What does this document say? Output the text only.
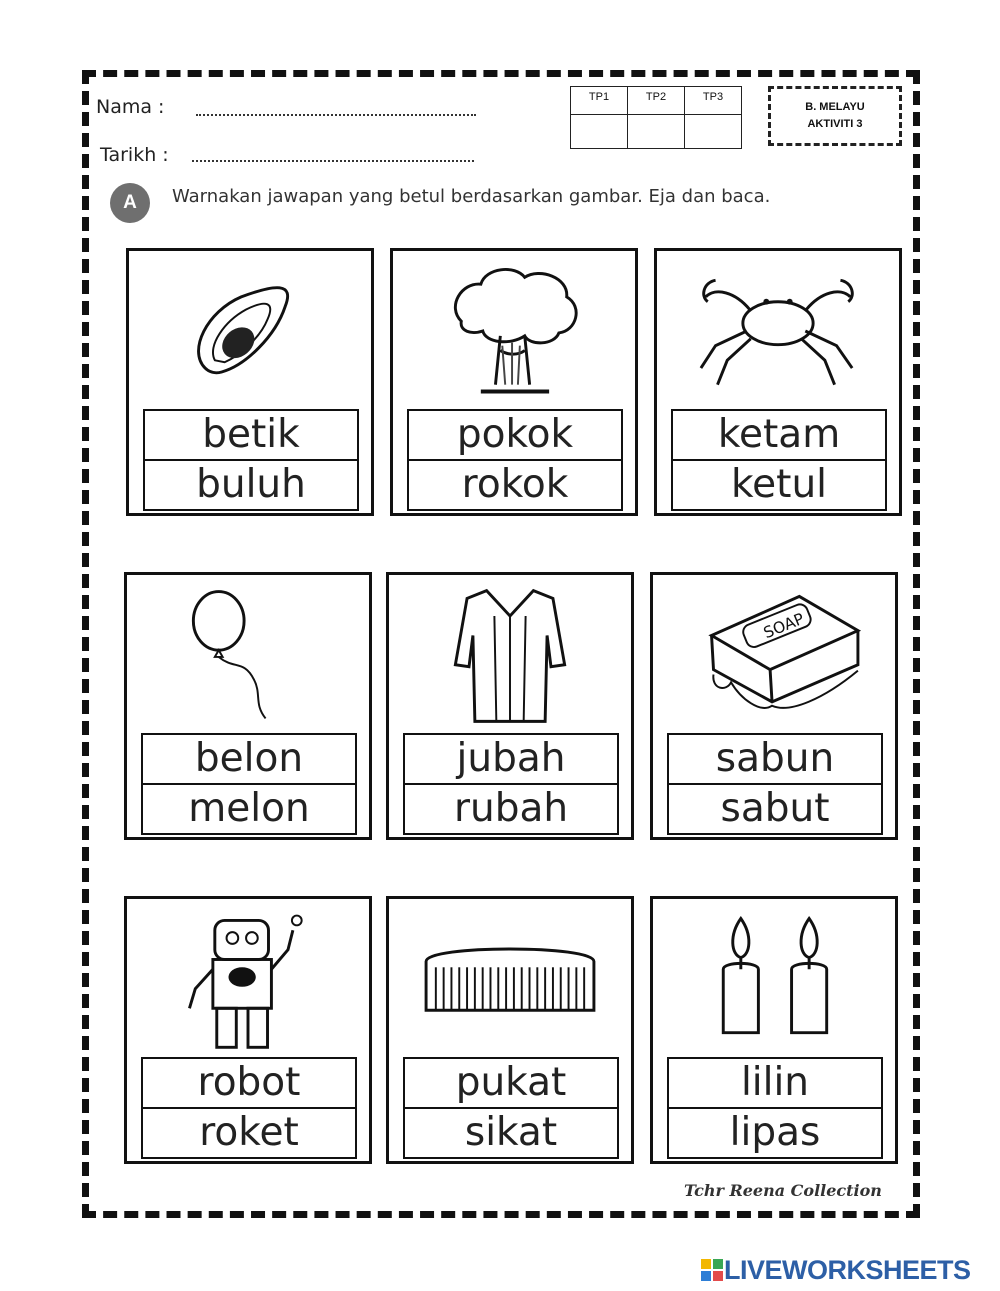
Nama :
Tarikh :
TP1	TP2	TP3

B. MELAYU
AKTIVITI 3
A	Warnakan jawapan yang betul berdasarkan gambar. Eja dan baca.
betik
buluh
pokok
rokok
ketam
ketul
belon
melon
jubah
rubah
SOAP
sabun
sabut
robot
roket
pukat
sikat
lilin
lipas
Tchr Reena Collection
LIVEWORKSHEETS
